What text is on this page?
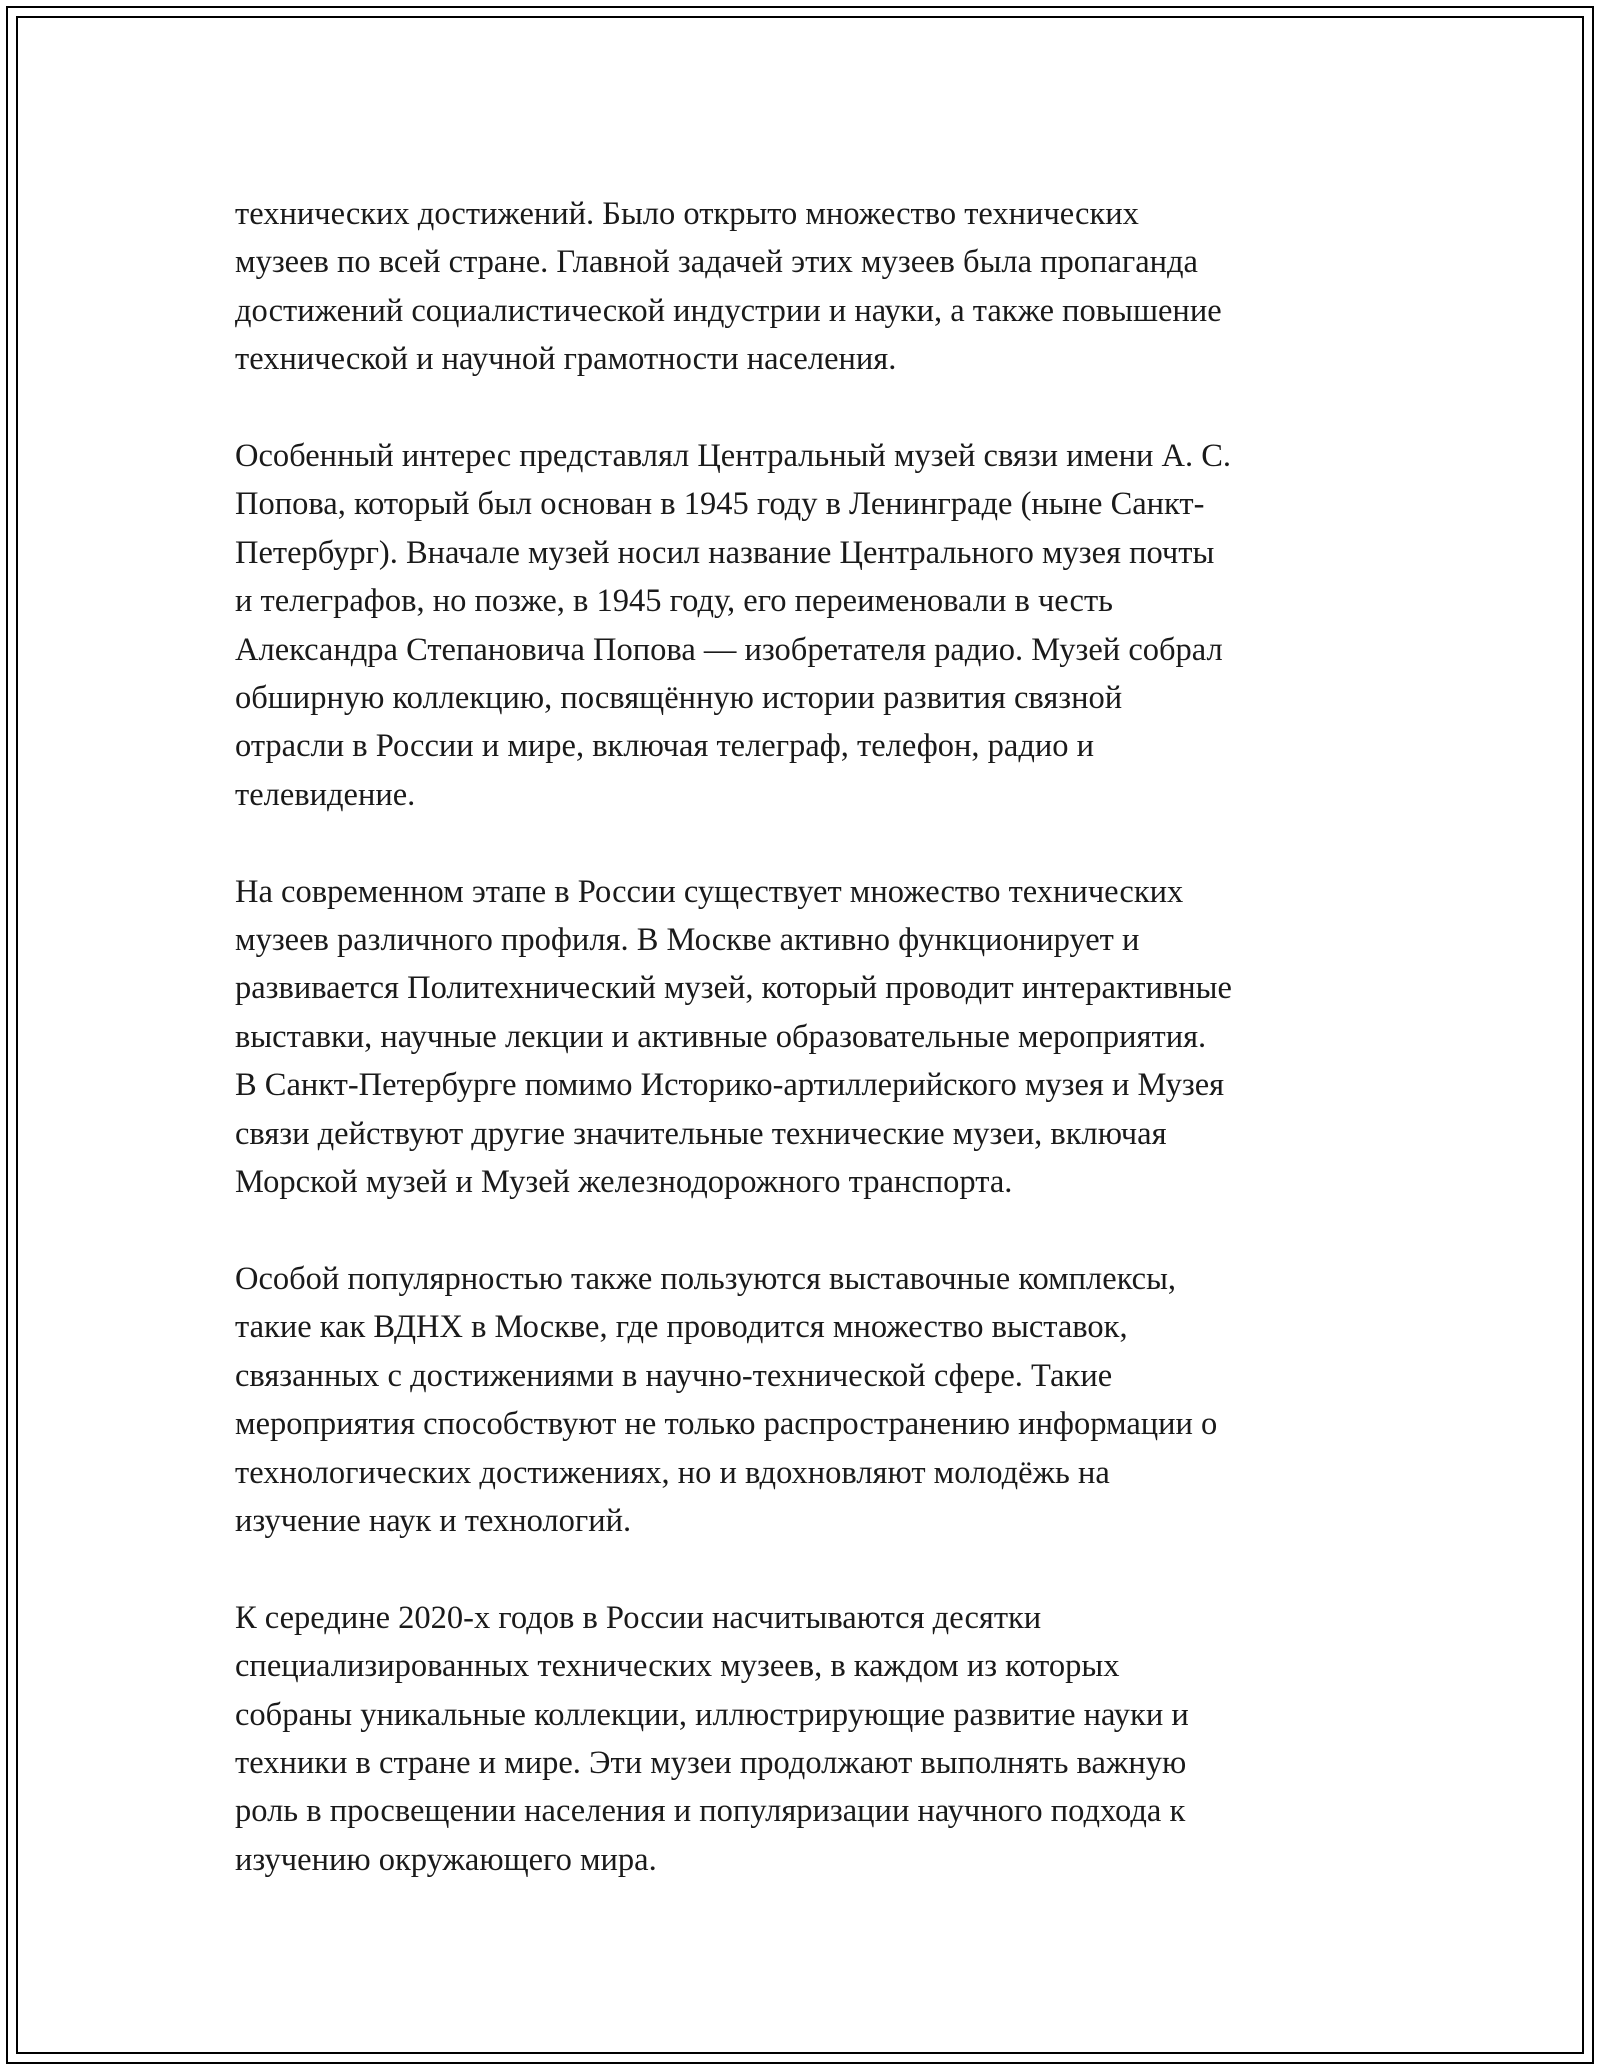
технических достижений. Было открыто множество технических
музеев по всей стране. Главной задачей этих музеев была пропаганда
достижений социалистической индустрии и науки, а также повышение
технической и научной грамотности населения.

Особенный интерес представлял Центральный музей связи имени А. С.
Попова, который был основан в 1945 году в Ленинграде (ныне Санкт-
Петербург). Вначале музей носил название Центрального музея почты
и телеграфов, но позже, в 1945 году, его переименовали в честь
Александра Степановича Попова — изобретателя радио. Музей собрал
обширную коллекцию, посвящённую истории развития связной
отрасли в России и мире, включая телеграф, телефон, радио и
телевидение.

На современном этапе в России существует множество технических
музеев различного профиля. В Москве активно функционирует и
развивается Политехнический музей, который проводит интерактивные
выставки, научные лекции и активные образовательные мероприятия.
В Санкт-Петербурге помимо Историко-артиллерийского музея и Музея
связи действуют другие значительные технические музеи, включая
Морской музей и Музей железнодорожного транспорта.

Особой популярностью также пользуются выставочные комплексы,
такие как ВДНХ в Москве, где проводится множество выставок,
связанных с достижениями в научно-технической сфере. Такие
мероприятия способствуют не только распространению информации о
технологических достижениях, но и вдохновляют молодёжь на
изучение наук и технологий.

К середине 2020-х годов в России насчитываются десятки
специализированных технических музеев, в каждом из которых
собраны уникальные коллекции, иллюстрирующие развитие науки и
техники в стране и мире. Эти музеи продолжают выполнять важную
роль в просвещении населения и популяризации научного подхода к
изучению окружающего мира.
